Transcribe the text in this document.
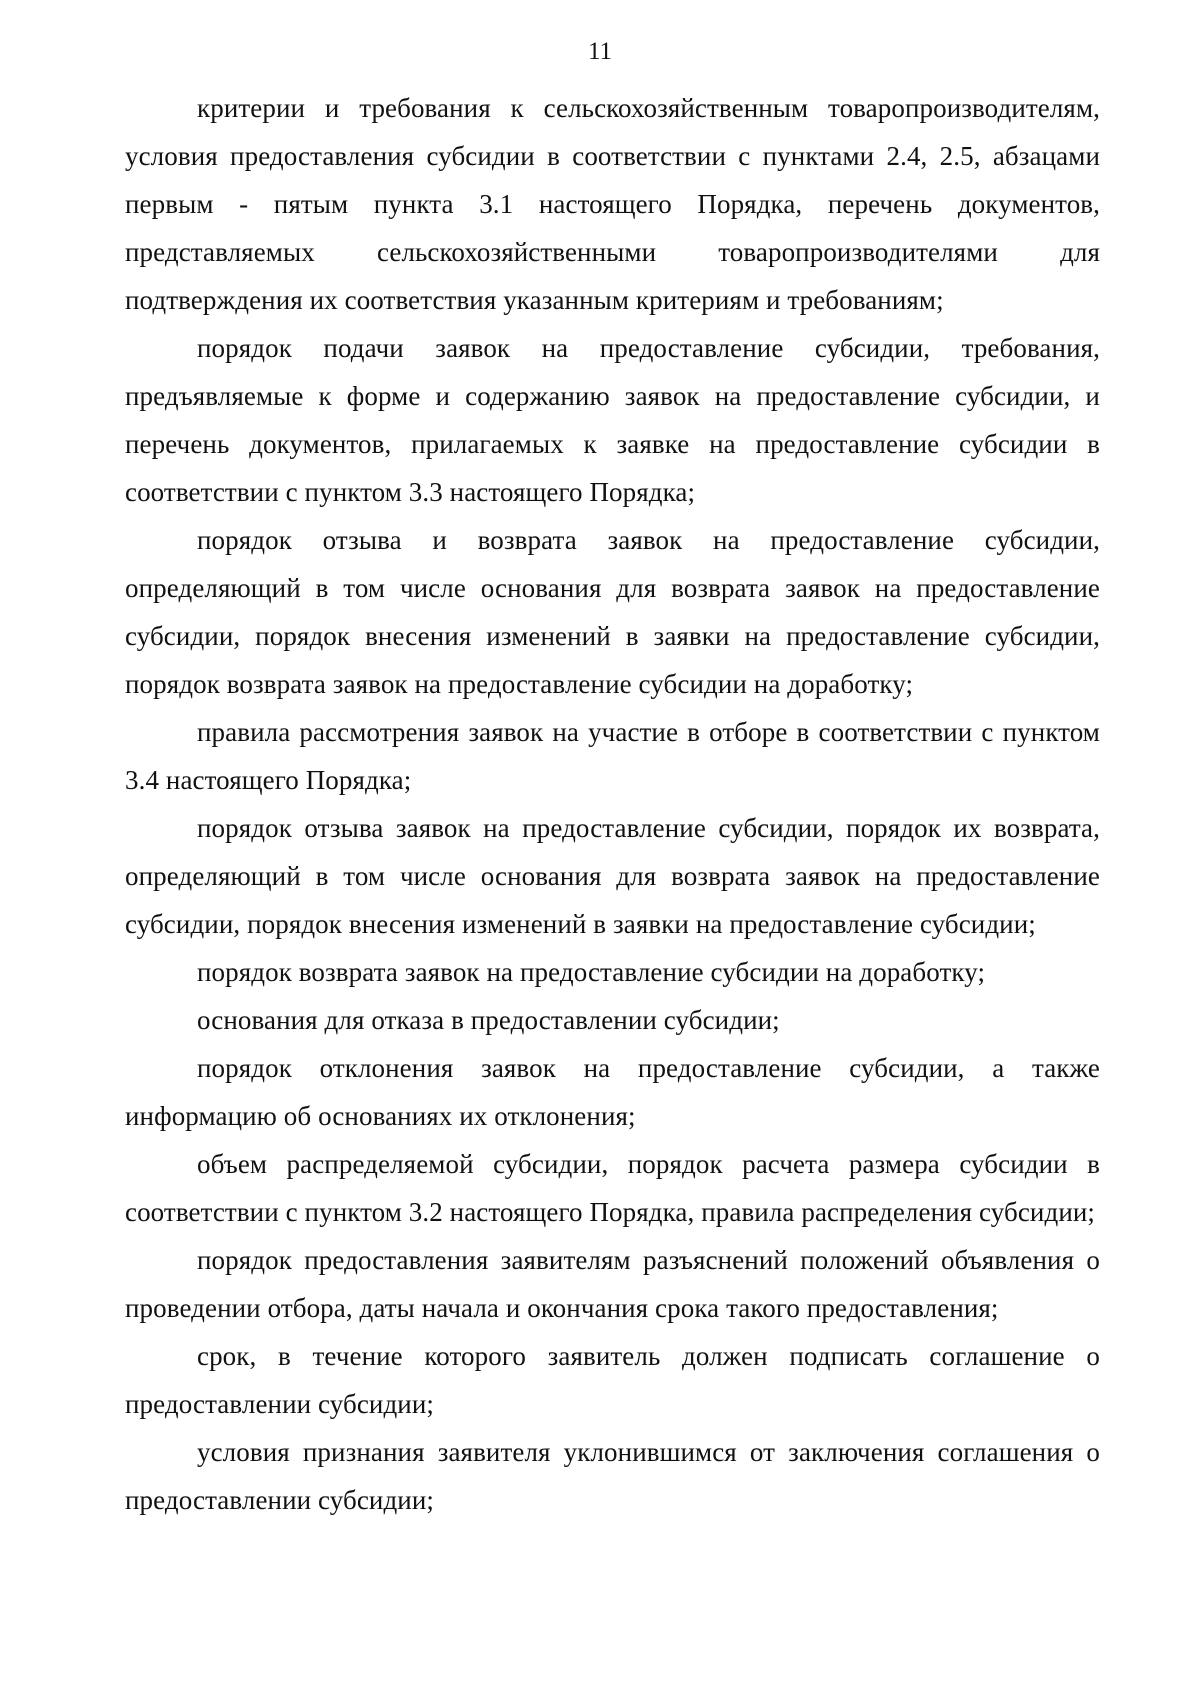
11

критерии и требования к сельскохозяйственным товаропроизводителям, условия предоставления субсидии в соответствии с пунктами 2.4, 2.5, абзацами первым - пятым пункта 3.1 настоящего Порядка, перечень документов, представляемых сельскохозяйственными товаропроизводителями для подтверждения их соответствия указанным критериям и требованиям;

порядок подачи заявок на предоставление субсидии, требования, предъявляемые к форме и содержанию заявок на предоставление субсидии, и перечень документов, прилагаемых к заявке на предоставление субсидии в соответствии с пунктом 3.3 настоящего Порядка;

порядок отзыва и возврата заявок на предоставление субсидии, определяющий в том числе основания для возврата заявок на предоставление субсидии, порядок внесения изменений в заявки на предоставление субсидии, порядок возврата заявок на предоставление субсидии на доработку;

правила рассмотрения заявок на участие в отборе в соответствии с пунктом 3.4 настоящего Порядка;

порядок отзыва заявок на предоставление субсидии, порядок их возврата, определяющий в том числе основания для возврата заявок на предоставление субсидии, порядок внесения изменений в заявки на предоставление субсидии;

порядок возврата заявок на предоставление субсидии на доработку;

основания для отказа в предоставлении субсидии;

порядок отклонения заявок на предоставление субсидии, а также информацию об основаниях их отклонения;

объем распределяемой субсидии, порядок расчета размера субсидии в соответствии с пунктом 3.2 настоящего Порядка, правила распределения субсидии;

порядок предоставления заявителям разъяснений положений объявления о проведении отбора, даты начала и окончания срока такого предоставления;

срок, в течение которого заявитель должен подписать соглашение о предоставлении субсидии;

условия признания заявителя уклонившимся от заключения соглашения о предоставлении субсидии;
